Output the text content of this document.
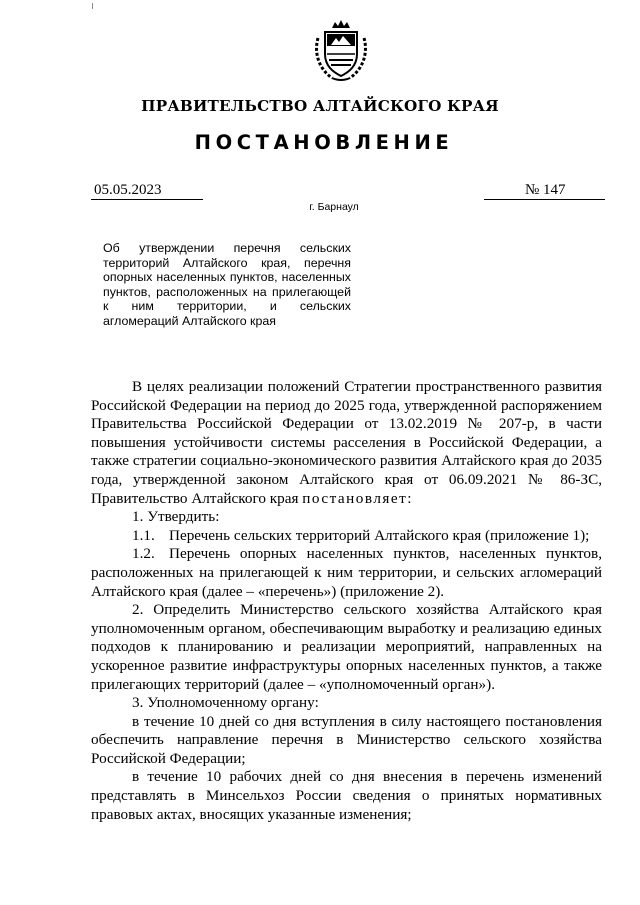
ПРАВИТЕЛЬСТВО АЛТАЙСКОГО КРАЯ
ПОСТАНОВЛЕНИЕ
05.05.2023	№ 147
г. Барнаул
Об утверждении перечня сельских территорий Алтайского края, перечня опорных населенных пунктов, населенных пунктов, расположенных на прилегающей к ним территории, и сельских агломераций Алтайского края

В целях реализации положений Стратегии пространственного развития Российской Федерации на период до 2025 года, утвержденной распоряжением Правительства Российской Федерации от 13.02.2019 № 207-р, в части повышения устойчивости системы расселения в Российской Федерации, а также стратегии социально-экономического развития Алтайского края до 2035 года, утвержденной законом Алтайского края от 06.09.2021 № 86-ЗС, Правительство Алтайского края постановляет:

1. Утвердить:

1.1. Перечень сельских территорий Алтайского края (приложение 1);

1.2. Перечень опорных населенных пунктов, населенных пунктов, расположенных на прилегающей к ним территории, и сельских агломераций Алтайского края (далее – «перечень») (приложение 2).

2. Определить Министерство сельского хозяйства Алтайского края уполномоченным органом, обеспечивающим выработку и реализацию единых подходов к планированию и реализации мероприятий, направленных на ускоренное развитие инфраструктуры опорных населенных пунктов, а также прилегающих территорий (далее – «уполномоченный орган»).

3. Уполномоченному органу:

в течение 10 дней со дня вступления в силу настоящего постановления обеспечить направление перечня в Министерство сельского хозяйства Российской Федерации;

в течение 10 рабочих дней со дня внесения в перечень изменений представлять в Минсельхоз России сведения о принятых нормативных правовых актах, вносящих указанные изменения;
